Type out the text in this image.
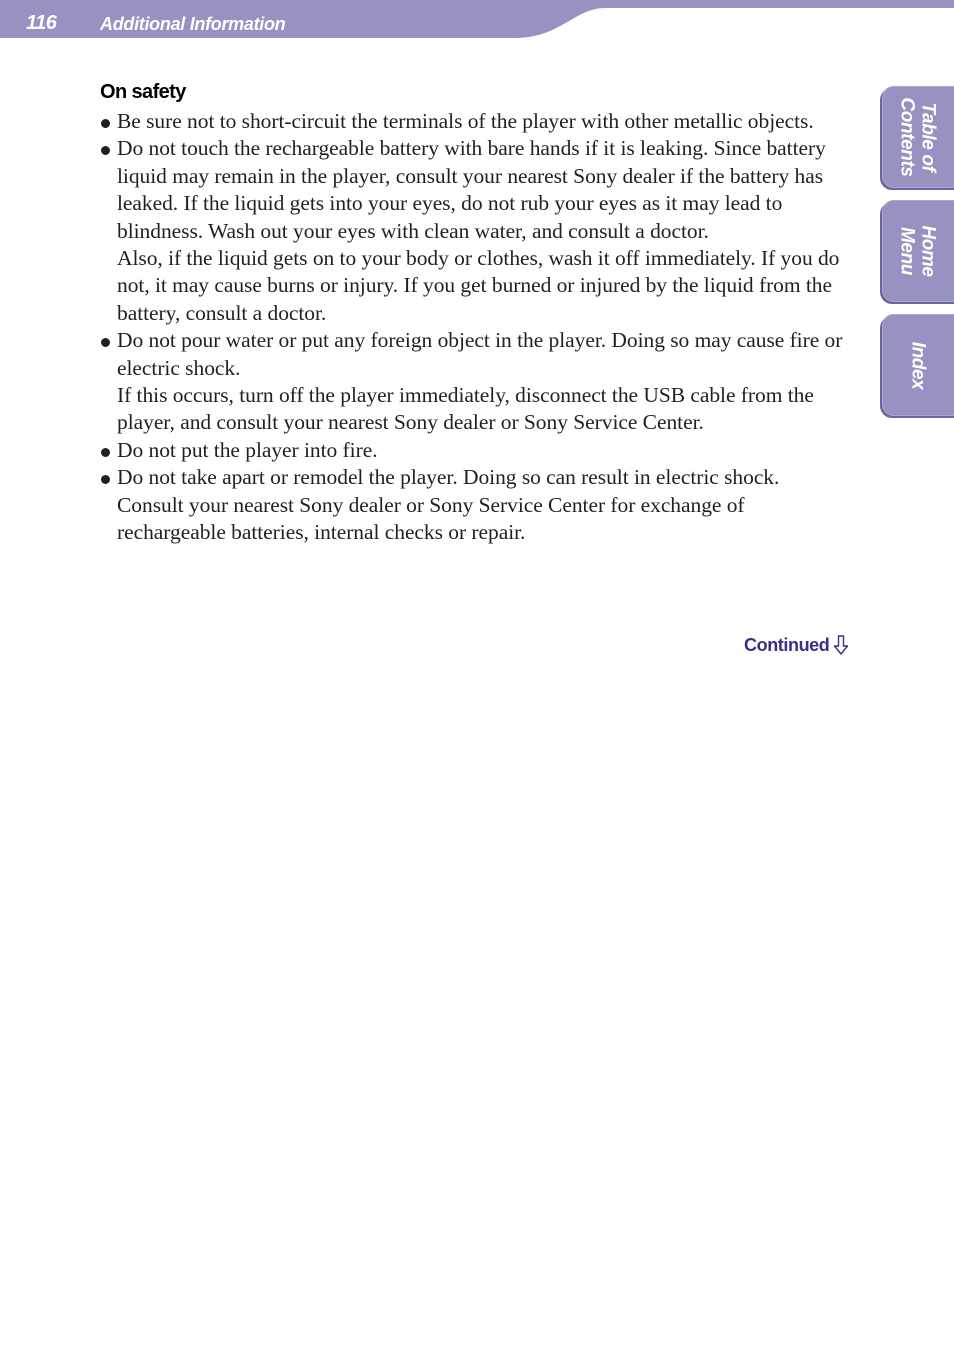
116 Additional Information
Table of
Contents
Home
Menu
Index
On safety

Be sure not to short-circuit the terminals of the player with other metallic objects.

Do not touch the rechargeable battery with bare hands if it is leaking. Since battery liquid may remain in the player, consult your nearest Sony dealer if the battery has leaked. If the liquid gets into your eyes, do not rub your eyes as it may lead to blindness. Wash out your eyes with clean water, and consult a doctor.

Also, if the liquid gets on to your body or clothes, wash it off immediately. If you do not, it may cause burns or injury. If you get burned or injured by the liquid from the battery, consult a doctor.

Do not pour water or put any foreign object in the player. Doing so may cause fire or electric shock.

If this occurs, turn off the player immediately, disconnect the USB cable from the player, and consult your nearest Sony dealer or Sony Service Center.

Do not put the player into fire.

Do not take apart or remodel the player. Doing so can result in electric shock. Consult your nearest Sony dealer or Sony Service Center for exchange of rechargeable batteries, internal checks or repair.

Continued
